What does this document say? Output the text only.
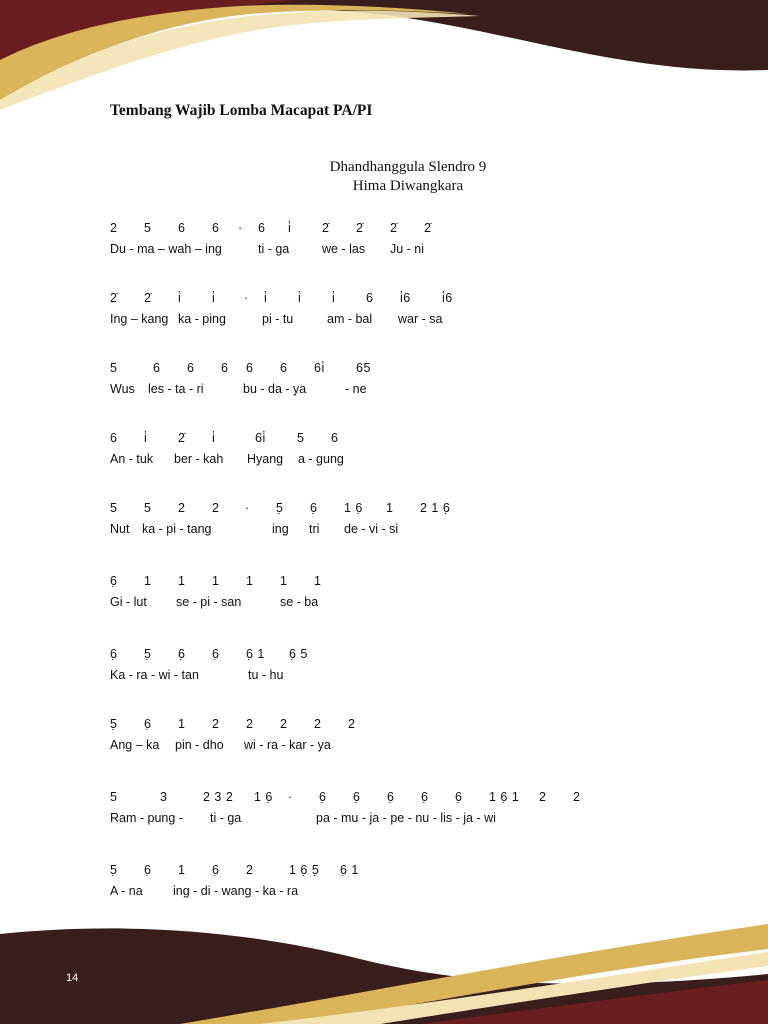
Tembang Wajib Lomba Macapat PA/PI
Dhandhanggula Slendro 9
Hima Diwangkara
2 5 6 6 · 6 i̇ 2̇ 2̇ 2̇ 2̇
Du - ma – wah – ing	ti - ga	we - las Ju - ni
2̇ 2̇ i̇ i̇ · i̇ i̇ i̇ 6 i̇6	i̇6
Ing – kang ka - ping	pi - tu	am - bal war - sa
5	6 6 6 6 6 6i̇	65
Wus les - ta - ri	bu - da - ya	- ne
6 i̇ 2̇ i̇	6i̇	5 6
An - tuk ber - kah Hyang a - gung
5 5 2 2 · 5̣ 6̣ 1 6̣ 1 2 1 6̣
Nut ka - pi - tang	ing tri de - vi - si
6̣ 1 1 1 1 1 1
Gi - lut se - pi - san	se - ba
6̣ 5̣ 6̣ 6̣ 6̣ 1 6̣ 5
Ka - ra - wi - tan	tu - hu
5̣ 6̣ 1 2 2 2 2 2
Ang – ka pin - dho wi - ra - kar - ya
5	3	2 3 2 1 6̣ · 6̣ 6̣ 6̣ 6̣ 6̣ 1 6̣ 1 2 2
Ram - pung - ti - ga	pa - mu - ja - pe - nu - lis - ja - wi
5̣ 6̣ 1 6̣ 2	1 6̣ 5̣ 6̣ 1
A - na ing - di - wang - ka - ra
14
